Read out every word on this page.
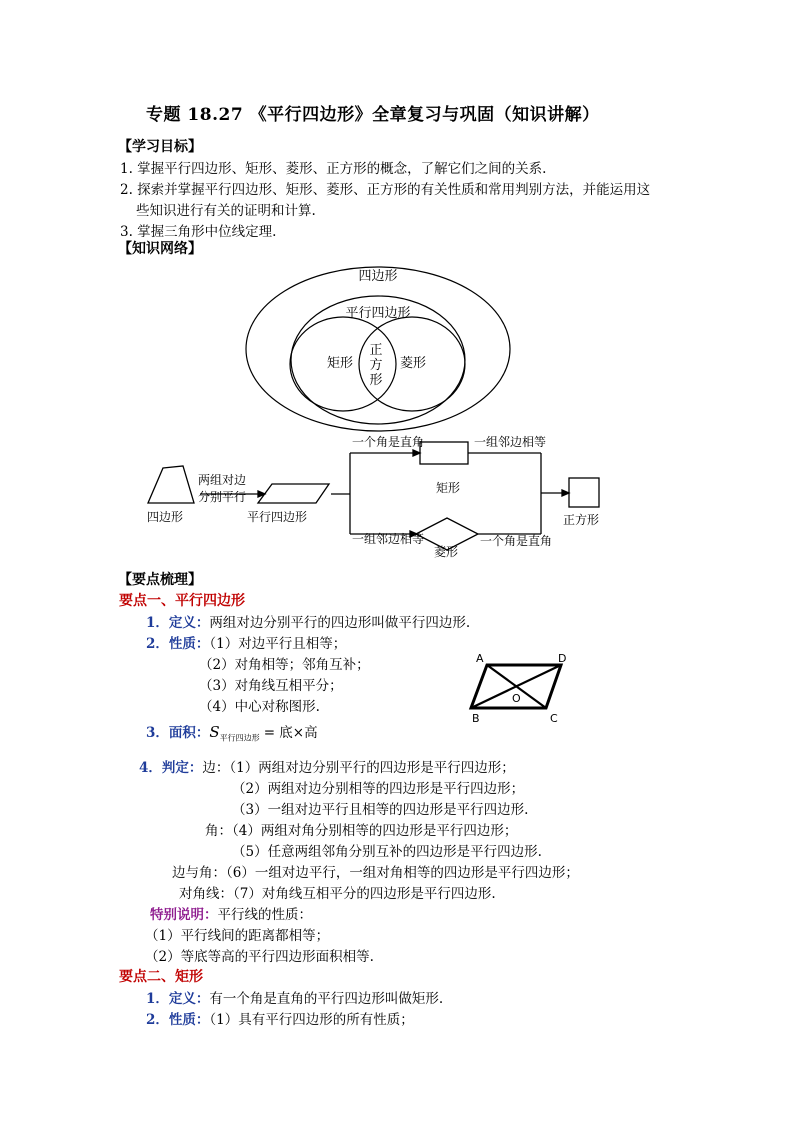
专题 18.27 《平行四边形》全章复习与巩固（知识讲解）
【学习目标】
1. 掌握平行四边形、矩形、菱形、正方形的概念，了解它们之间的关系.
2. 探索并掌握平行四边形、矩形、菱形、正方形的有关性质和常用判别方法，并能运用这
些知识进行有关的证明和计算.
3. 掌握三角形中位线定理.
【知识网络】
四边形
平行四边形
矩形	菱形
正
方
形
四边形
两组对边
分别平行
平行四边形
一个角是直角	一组邻边相等
矩形
正方形
一组邻边相等
菱形
一个角是直角
A	D
B	C
O
【要点梳理】
要点一、平行四边形
1．定义：两组对边分别平行的四边形叫做平行四边形.
2．性质：（1）对边平行且相等；
（2）对角相等；邻角互补；
（3）对角线互相平分；
（4）中心对称图形.
3．面积：$S_{平行四边形}$ = 底×高
4．判定：边：（1）两组对边分别平行的四边形是平行四边形；
（2）两组对边分别相等的四边形是平行四边形；
（3）一组对边平行且相等的四边形是平行四边形.
角：（4）两组对角分别相等的四边形是平行四边形；
（5）任意两组邻角分别互补的四边形是平行四边形.
边与角：（6）一组对边平行，一组对角相等的四边形是平行四边形；
对角线：（7）对角线互相平分的四边形是平行四边形.
特别说明：平行线的性质：
（1）平行线间的距离都相等；
（2）等底等高的平行四边形面积相等.
要点二、矩形
1．定义：有一个角是直角的平行四边形叫做矩形.
2．性质：（1）具有平行四边形的所有性质；
